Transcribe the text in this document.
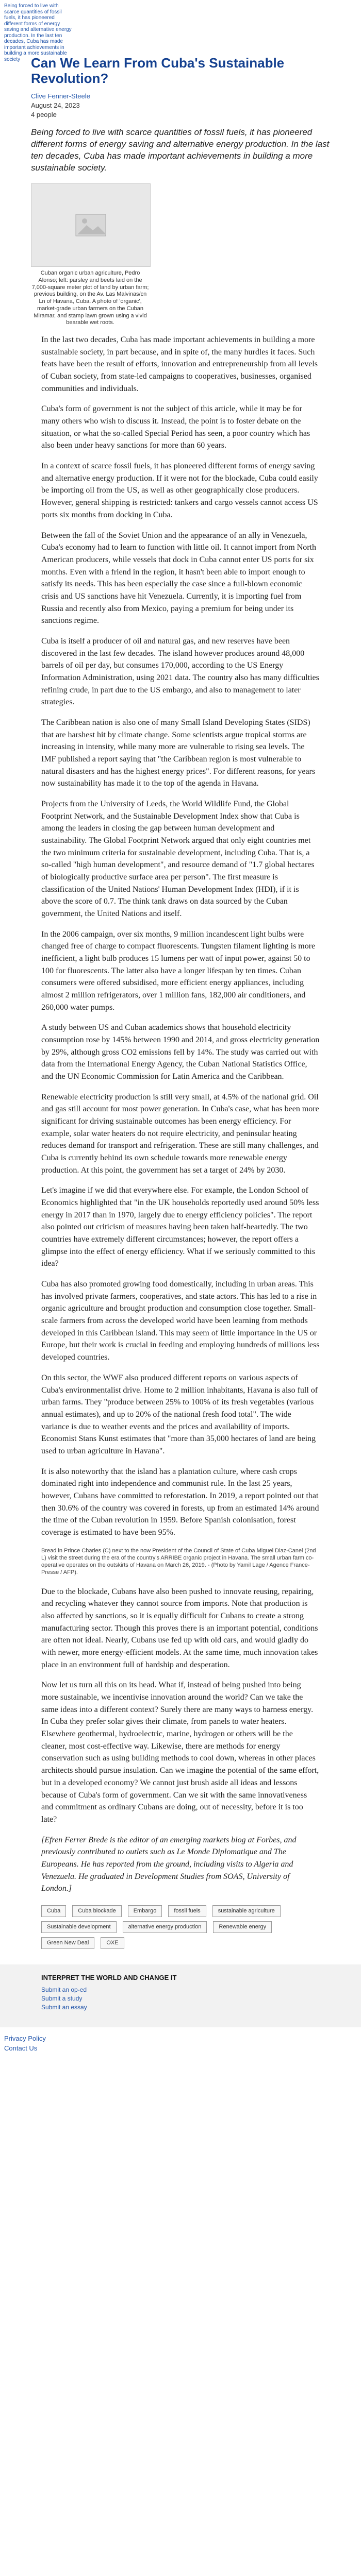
Being forced to live with scarce quantities of fossil fuels, it has pioneered different forms of energy saving and alternative energy production. In the last ten decades, Cuba has made important achievements in building a more sustainable society Can We Learn From Cuba's Sustainable Revolution?
Clive Fenner-Steele
August 24, 2023
4 people
Being forced to live with scarce quantities of fossil fuels, it has pioneered different forms of energy saving and alternative energy production. In the last ten decades, Cuba has made important achievements in building a more sustainable society.
Cuban organic urban agriculture, Pedro Alonso; left: parsley and beets laid on the 7,000-square meter plot of land by urban farm; previous building, on the Av. Las Malvinas/cn Ln of Havana, Cuba. A photo of 'organic', market-grade urban farmers on the Cuban Miramar, and stamp lawn grown using a vivid bearable wet roots.

In the last two decades, Cuba has made important achievements in building a more sustainable society, in part because, and in spite of, the many hurdles it faces. Such feats have been the result of efforts, innovation and entrepreneurship from all levels of Cuban society, from state-led campaigns to cooperatives, businesses, organised communities and individuals.

Cuba's form of government is not the subject of this article, while it may be for many others who wish to discuss it. Instead, the point is to foster debate on the situation, or what the so-called Special Period has seen, a poor country which has also been under heavy sanctions for more than 60 years.

In a context of scarce fossil fuels, it has pioneered different forms of energy saving and alternative energy production. If it were not for the blockade, Cuba could easily be importing oil from the US, as well as other geographically close producers. However, general shipping is restricted: tankers and cargo vessels cannot access US ports six months from docking in Cuba.

Between the fall of the Soviet Union and the appearance of an ally in Venezuela, Cuba's economy had to learn to function with little oil. It cannot import from North American producers, while vessels that dock in Cuba cannot enter US ports for six months. Even with a friend in the region, it hasn't been able to import enough to satisfy its needs. This has been especially the case since a full-blown economic crisis and US sanctions have hit Venezuela. Currently, it is importing fuel from Russia and recently also from Mexico, paying a premium for being under its sanctions regime.

Cuba is itself a producer of oil and natural gas, and new reserves have been discovered in the last few decades. The island however produces around 48,000 barrels of oil per day, but consumes 170,000, according to the US Energy Information Administration, using 2021 data. The country also has many difficulties refining crude, in part due to the US embargo, and also to management to later strategies.

The Caribbean nation is also one of many Small Island Developing States (SIDS) that are harshest hit by climate change. Some scientists argue tropical storms are increasing in intensity, while many more are vulnerable to rising sea levels. The IMF published a report saying that "the Caribbean region is most vulnerable to natural disasters and has the highest energy prices". For different reasons, for years now sustainability has made it to the top of the agenda in Havana.

Projects from the University of Leeds, the World Wildlife Fund, the Global Footprint Network, and the Sustainable Development Index show that Cuba is among the leaders in closing the gap between human development and sustainability. The Global Footprint Network argued that only eight countries met the two minimum criteria for sustainable development, including Cuba. That is, a so-called "high human development", and resource demand of "1.7 global hectares of biologically productive surface area per person". The first measure is classification of the United Nations' Human Development Index (HDI), if it is above the score of 0.7. The think tank draws on data sourced by the Cuban government, the United Nations and itself.

In the 2006 campaign, over six months, 9 million incandescent light bulbs were changed free of charge to compact fluorescents. Tungsten filament lighting is more inefficient, a light bulb produces 15 lumens per watt of input power, against 50 to 100 for fluorescents. The latter also have a longer lifespan by ten times. Cuban consumers were offered subsidised, more efficient energy appliances, including almost 2 million refrigerators, over 1 million fans, 182,000 air conditioners, and 260,000 water pumps.

A study between US and Cuban academics shows that household electricity consumption rose by 145% between 1990 and 2014, and gross electricity generation by 29%, although gross CO2 emissions fell by 14%. The study was carried out with data from the International Energy Agency, the Cuban National Statistics Office, and the UN Economic Commission for Latin America and the Caribbean.

Renewable electricity production is still very small, at 4.5% of the national grid. Oil and gas still account for most power generation. In Cuba's case, what has been more significant for driving sustainable outcomes has been energy efficiency. For example, solar water heaters do not require electricity, and peninsular heating reduces demand for transport and refrigeration. These are still many challenges, and Cuba is currently behind its own schedule towards more renewable energy production. At this point, the government has set a target of 24% by 2030.

Let's imagine if we did that everywhere else. For example, the London School of Economics highlighted that "in the UK households reportedly used around 50% less energy in 2017 than in 1970, largely due to energy efficiency policies". The report also pointed out criticism of measures having been taken half-heartedly. The two countries have extremely different circumstances; however, the report offers a glimpse into the effect of energy efficiency. What if we seriously committed to this idea?

Cuba has also promoted growing food domestically, including in urban areas. This has involved private farmers, cooperatives, and state actors. This has led to a rise in organic agriculture and brought production and consumption close together. Small-scale farmers from across the developed world have been learning from methods developed in this Caribbean island. This may seem of little importance in the US or Europe, but their work is crucial in feeding and employing hundreds of millions less developed countries.

On this sector, the WWF also produced different reports on various aspects of Cuba's environmentalist drive. Home to 2 million inhabitants, Havana is also full of urban farms. They "produce between 25% to 100% of its fresh vegetables (various annual estimates), and up to 20% of the national fresh food total". The wide variance is due to weather events and the prices and availability of imports. Economist Stans Kunst estimates that "more than 35,000 hectares of land are being used to urban agriculture in Havana".

It is also noteworthy that the island has a plantation culture, where cash crops dominated right into independence and communist rule. In the last 25 years, however, Cubans have committed to reforestation. In 2019, a report pointed out that then 30.6% of the country was covered in forests, up from an estimated 14% around the time of the Cuban revolution in 1959. Before Spanish colonisation, forest coverage is estimated to have been 95%.

Bread in Prince Charles (C) next to the now President of the Council of State of Cuba Miguel Diaz-Canel (2nd L) visit the street during the era of the country's ARRIBE organic project in Havana. The small urban farm co-operative operates on the outskirts of Havana on March 26, 2019. - (Photo by Yamil Lage / Agence France-Presse / AFP).

Due to the blockade, Cubans have also been pushed to innovate reusing, repairing, and recycling whatever they cannot source from imports. Note that production is also affected by sanctions, so it is equally difficult for Cubans to create a strong manufacturing sector. Though this proves there is an important potential, conditions are often not ideal. Nearly, Cubans use fed up with old cars, and would gladly do with newer, more energy-efficient models. At the same time, much innovation takes place in an environment full of hardship and desperation.

Now let us turn all this on its head. What if, instead of being pushed into being more sustainable, we incentivise innovation around the world? Can we take the same ideas into a different context? Surely there are many ways to harness energy. In Cuba they prefer solar gives their climate, from panels to water heaters. Elsewhere geothermal, hydroelectric, marine, hydrogen or others will be the cleaner, most cost-effective way. Likewise, there are methods for energy conservation such as using building methods to cool down, whereas in other places architects should pursue insulation. Can we imagine the potential of the same effort, but in a developed economy? We cannot just brush aside all ideas and lessons because of Cuba's form of government. Can we sit with the same innovativeness and commitment as ordinary Cubans are doing, out of necessity, before it is too late?

[Efren Ferrer Brede is the editor of an emerging markets blog at Forbes, and previously contributed to outlets such as Le Monde Diplomatique and The Europeans. He has reported from the ground, including visits to Algeria and Venezuela. He graduated in Development Studies from SOAS, University of London.]

Cuba	Cuba blockade	Embargo	fossil fuels	sustainable agriculture
Sustainable development	alternative energy production	Renewable energy
Green New Deal	OXE
INTERPRET THE WORLD AND CHANGE IT
Submit an op-ed
Submit a study
Submit an essay
Privacy Policy
Contact Us
